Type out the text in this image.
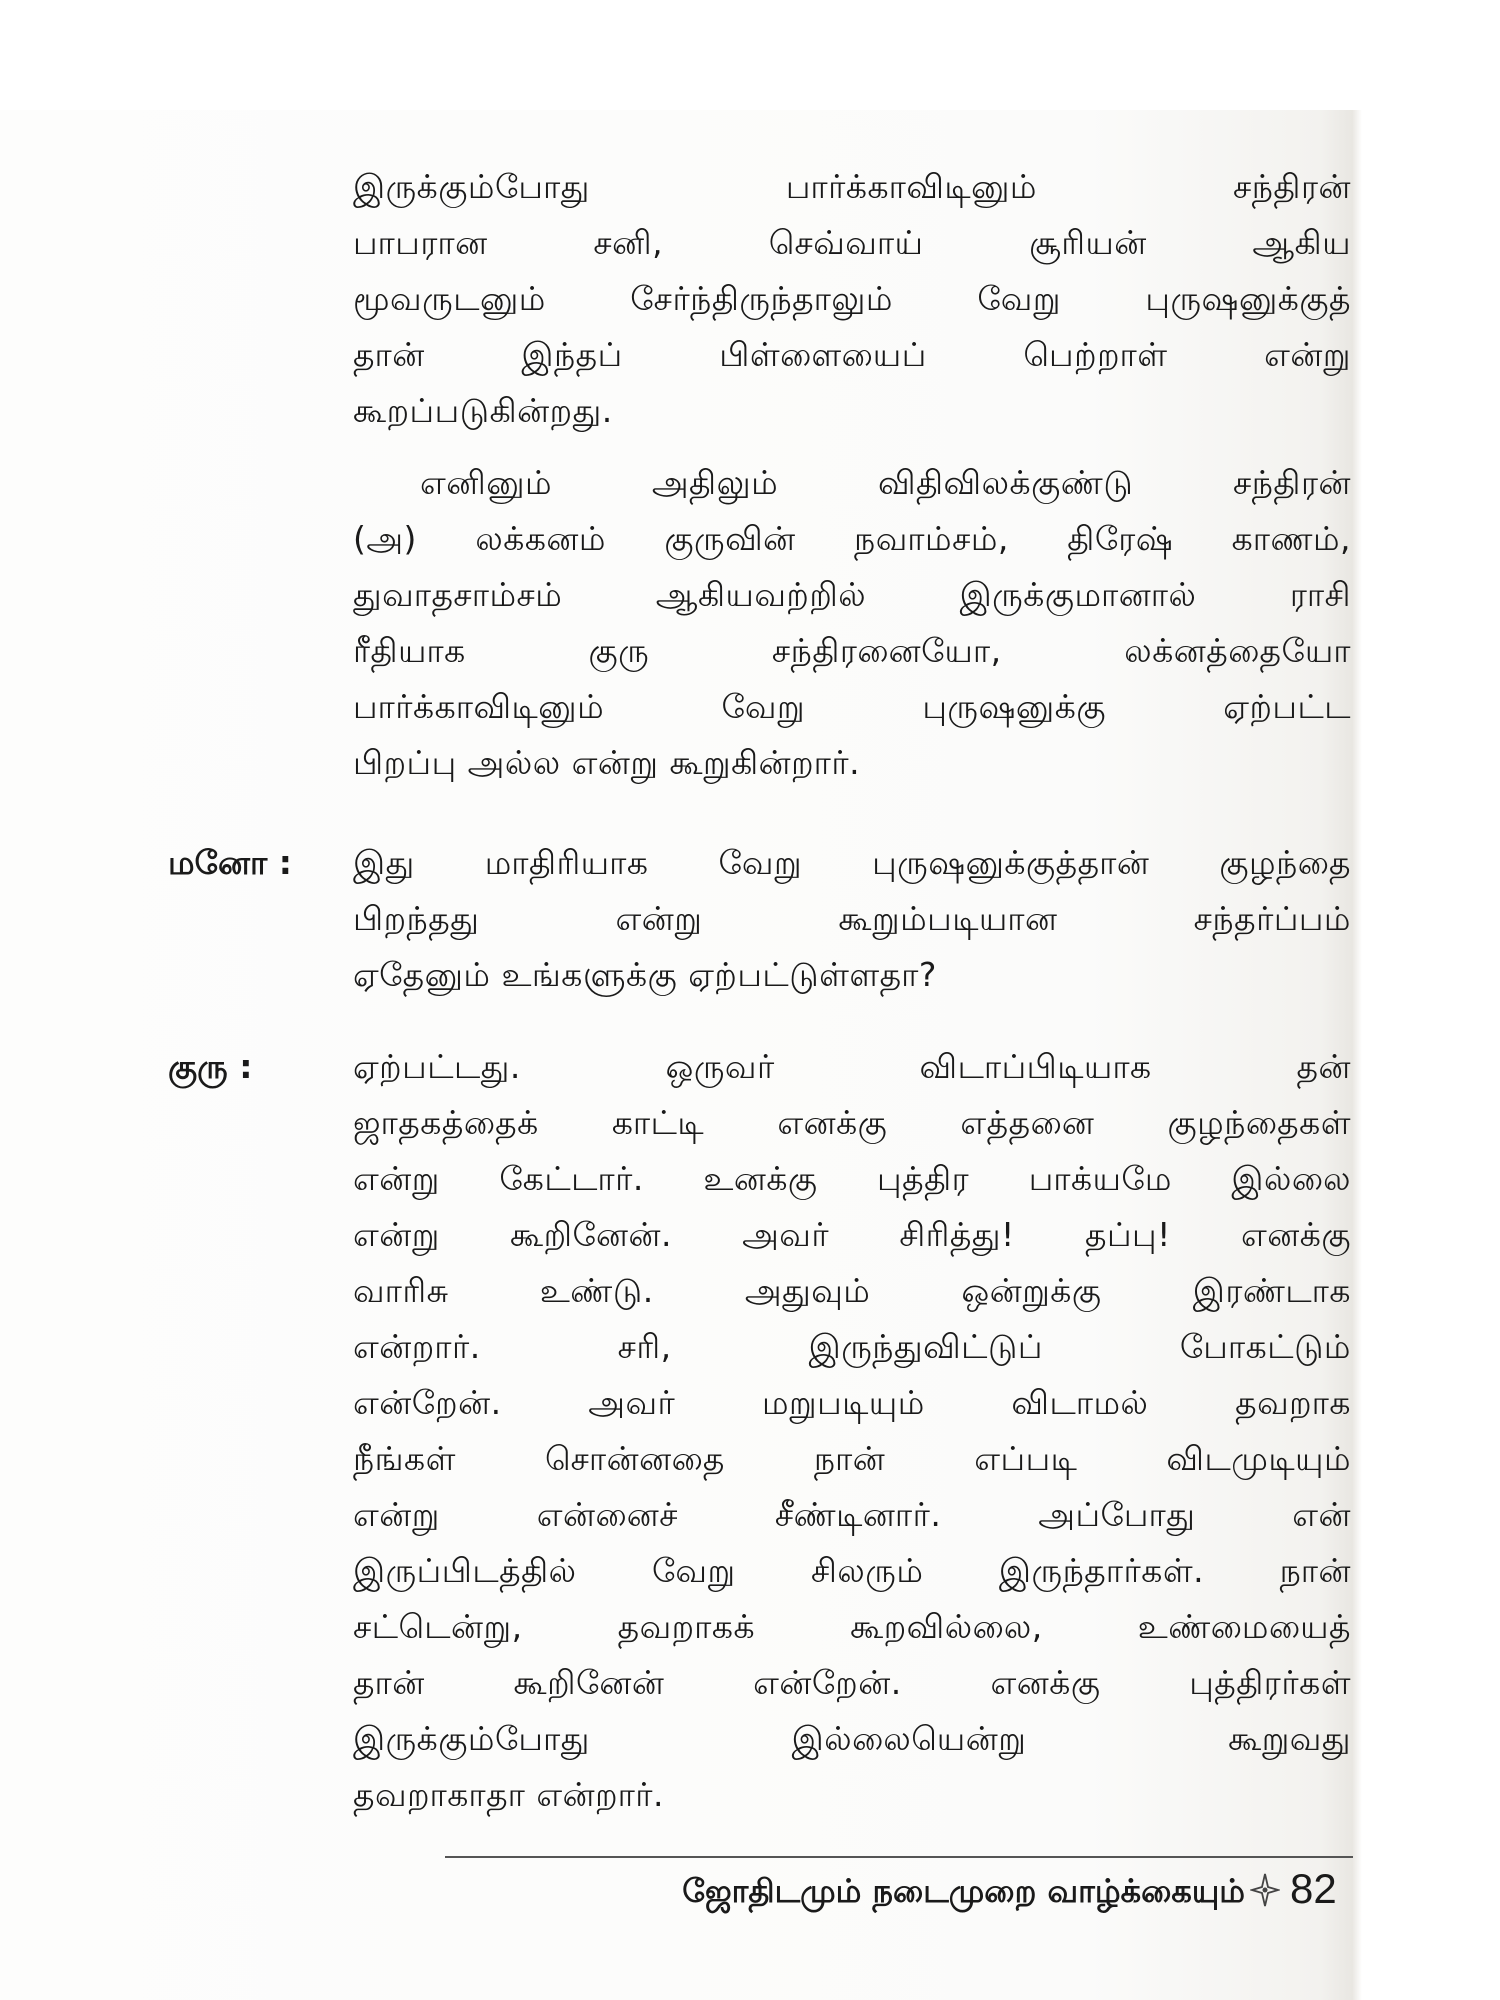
இருக்கும்போது பார்க்காவிடினும் சந்திரன்
பாபரான சனி, செவ்வாய் சூரியன் ஆகிய
மூவருடனும் சேர்ந்திருந்தாலும் வேறு புருஷனுக்குத்
தான் இந்தப் பிள்ளையைப் பெற்றாள் என்று
கூறப்படுகின்றது.
எனினும் அதிலும் விதிவிலக்குண்டு சந்திரன்
(அ) லக்கனம் குருவின் நவாம்சம், திரேஷ் காணம்,
துவாதசாம்சம் ஆகியவற்றில் இருக்குமானால் ராசி
ரீதியாக குரு சந்திரனையோ, லக்னத்தையோ
பார்க்காவிடினும் வேறு புருஷனுக்கு ஏற்பட்ட
பிறப்பு அல்ல என்று கூறுகின்றார்.
மனோ : இது மாதிரியாக வேறு புருஷனுக்குத்தான் குழந்தை
பிறந்தது என்று கூறும்படியான சந்தர்ப்பம்
ஏதேனும் உங்களுக்கு ஏற்பட்டுள்ளதா?
குரு :	ஏற்பட்டது. ஒருவர் விடாப்பிடியாக தன்
ஜாதகத்தைக் காட்டி எனக்கு எத்தனை குழந்தைகள்
என்று கேட்டார். உனக்கு புத்திர பாக்யமே இல்லை
என்று கூறினேன். அவர் சிரித்து! தப்பு! எனக்கு
வாரிசு உண்டு. அதுவும் ஒன்றுக்கு இரண்டாக
என்றார். சரி, இருந்துவிட்டுப் போகட்டும்
என்றேன். அவர் மறுபடியும் விடாமல் தவறாக
நீங்கள் சொன்னதை நான் எப்படி விடமுடியும்
என்று என்னைச் சீண்டினார். அப்போது என்
இருப்பிடத்தில் வேறு சிலரும் இருந்தார்கள். நான்
சட்டென்று, தவறாகக் கூறவில்லை, உண்மையைத்
தான் கூறினேன் என்றேன். எனக்கு புத்திரர்கள்
இருக்கும்போது இல்லையென்று கூறுவது
தவறாகாதா என்றார்.
ஜோதிடமும் நடைமுறை வாழ்க்கையும் 82
